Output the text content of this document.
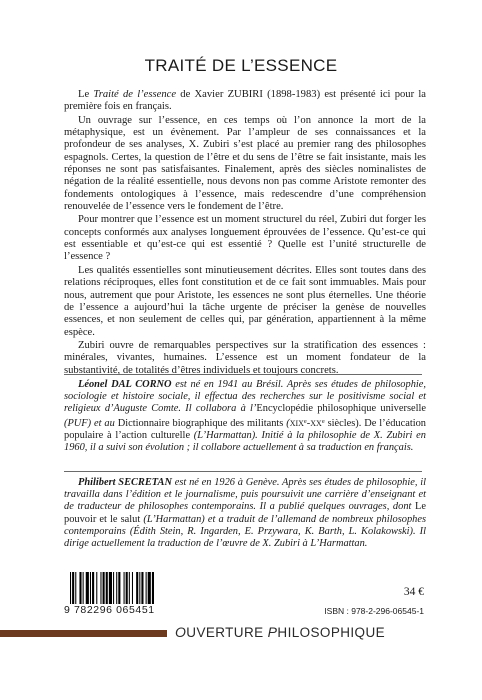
TRAITÉ DE L’ESSENCE

Le Traité de l’essence de Xavier ZUBIRI (1898-1983) est présenté ici pour la première fois en français.

Un ouvrage sur l’essence, en ces temps où l’on annonce la mort de la métaphysique, est un évènement. Par l’ampleur de ses connaissances et la profondeur de ses analyses, X. Zubiri s’est placé au premier rang des philosophes espagnols. Certes, la question de l’être et du sens de l’être se fait insistante, mais les réponses ne sont pas satisfaisantes. Finalement, après des siècles nominalistes de négation de la réalité essentielle, nous devons non pas comme Aristote remonter des fondements ontologiques à l’essence, mais redescendre d’une compréhension renouvelée de l’essence vers le fondement de l’être.

Pour montrer que l’essence est un moment structurel du réel, Zubiri dut forger les concepts conformés aux analyses longuement éprouvées de l’essence. Qu’est-ce qui est essentiable et qu’est-ce qui est essentié ? Quelle est l’unité structurelle de l’essence ?

Les qualités essentielles sont minutieusement décrites. Elles sont toutes dans des relations réciproques, elles font constitution et de ce fait sont immuables. Mais pour nous, autrement que pour Aristote, les essences ne sont plus éternelles. Une théorie de l’essence a aujourd’hui la tâche urgente de préciser la genèse de nouvelles essences, et non seulement de celles qui, par génération, appartiennent à la même espèce.

Zubiri ouvre de remarquables perspectives sur la stratification des essences : minérales, vivantes, humaines. L’essence est un moment fondateur de la substantivité, de totalités d’êtres individuels et toujours concrets.

Léonel DAL CORNO est né en 1941 au Brésil. Après ses études de philosophie, sociologie et histoire sociale, il effectua des recherches sur le positivisme social et religieux d’Auguste Comte. Il collabora à l’Encyclopédie philosophique universelle (PUF) et au Dictionnaire biographique des militants (XIXe-XXe siècles). De l’éducation populaire à l’action culturelle (L’Harmattan). Initié à la philosophie de X. Zubiri en 1960, il a suivi son évolution ; il collabore actuellement à sa traduction en français.

Philibert SECRETAN est né en 1926 à Genève. Après ses études de philosophie, il travailla dans l’édition et le journalisme, puis poursuivit une carrière d’enseignant et de traducteur de philosophes contemporains. Il a publié quelques ouvrages, dont Le pouvoir et le salut (L’Harmattan) et a traduit de l’allemand de nombreux philosophes contemporains (Édith Stein, R. Ingarden, E. Przywara, K. Barth, L. Kolakowski). Il dirige actuellement la traduction de l’œuvre de X. Zubiri à L’Harmattan.

9 782296 065451
34 €
ISBN : 978-2-296-06545-1
OUVERTURE PHILOSOPHIQUE
